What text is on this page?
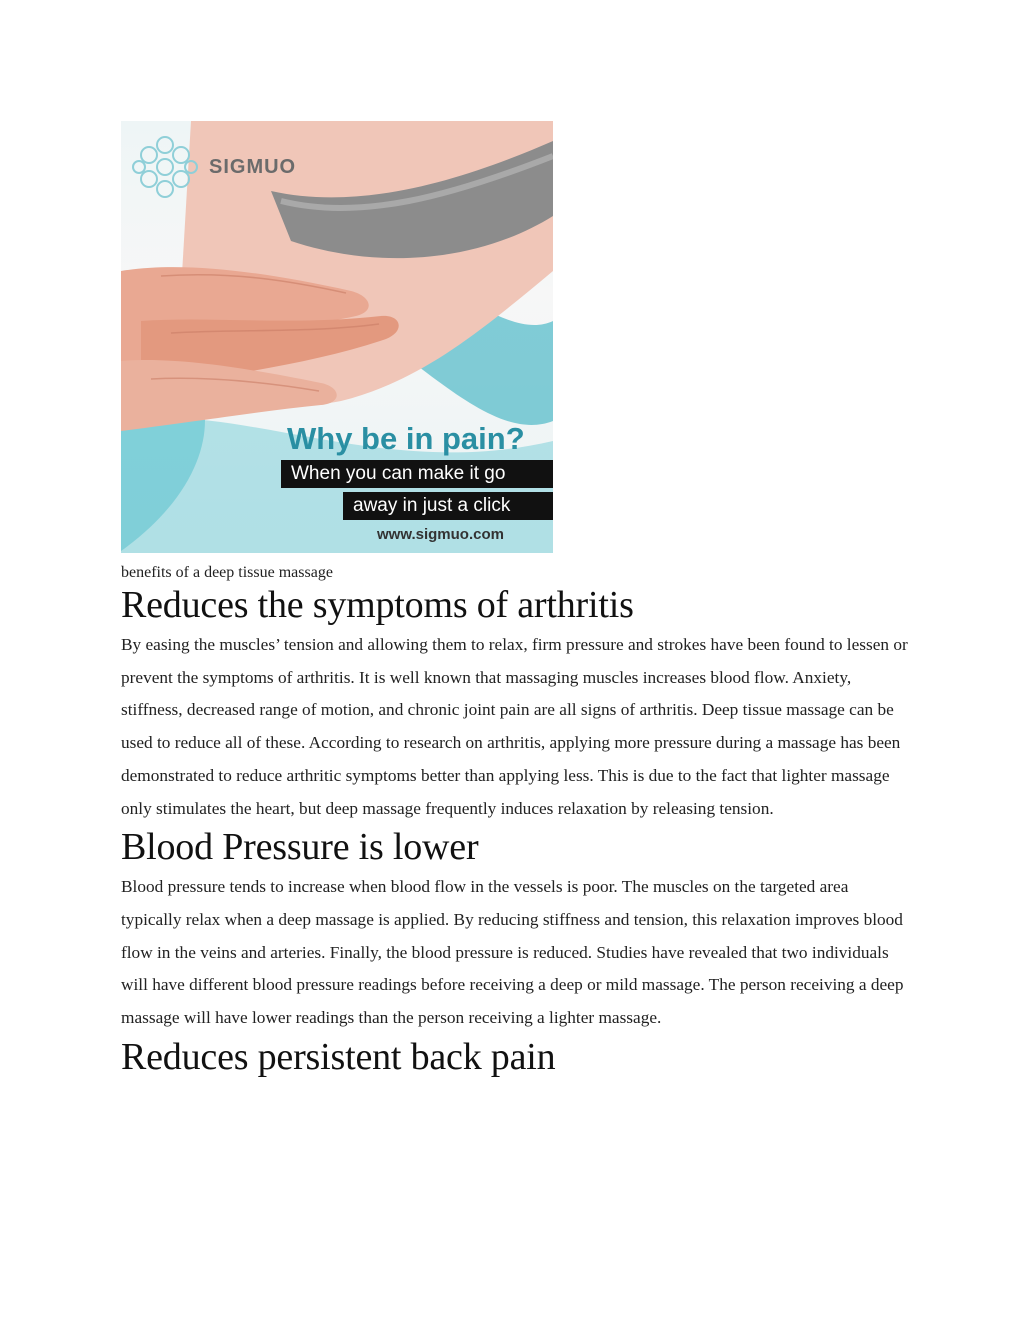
SIGMUO
Why be in pain?
When you can make it go
away in just a click
www.sigmuo.com
benefits of a deep tissue massage
Reduces the symptoms of arthritis

By easing the muscles’ tension and allowing them to relax, firm pressure and strokes have been found to lessen or prevent the symptoms of arthritis. It is well known that massaging muscles increases blood flow. Anxiety, stiffness, decreased range of motion, and chronic joint pain are all signs of arthritis. Deep tissue massage can be used to reduce all of these. According to research on arthritis, applying more pressure during a massage has been demonstrated to reduce arthritic symptoms better than applying less. This is due to the fact that lighter massage only stimulates the heart, but deep massage frequently induces relaxation by releasing tension.

Blood Pressure is lower

Blood pressure tends to increase when blood flow in the vessels is poor. The muscles on the targeted area typically relax when a deep massage is applied. By reducing stiffness and tension, this relaxation improves blood flow in the veins and arteries. Finally, the blood pressure is reduced. Studies have revealed that two individuals will have different blood pressure readings before receiving a deep or mild massage. The person receiving a deep massage will have lower readings than the person receiving a lighter massage.

Reduces persistent back pain
